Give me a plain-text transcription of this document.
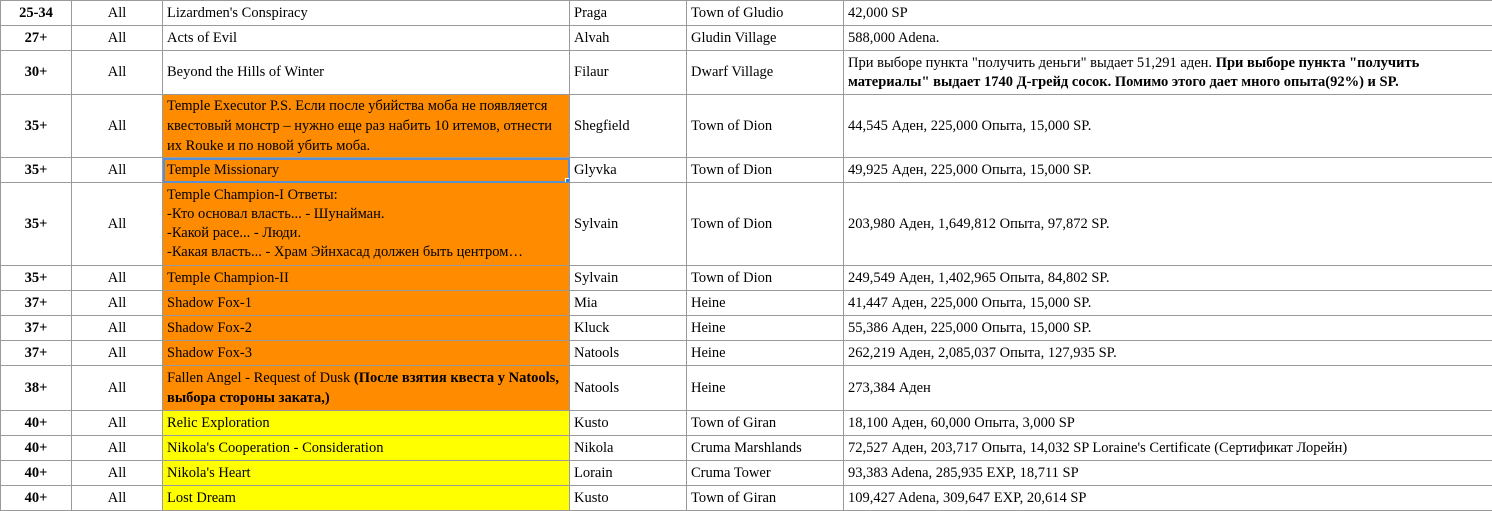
25-34	All	Lizardmen's Conspiracy	Praga	Town of Gludio	42,000 SP
27+	All	Acts of Evil	Alvah	Gludin Village	588,000 Adena.
30+	All	Beyond the Hills of Winter	Filaur	Dwarf Village	При выборе пункта "получить деньги" выдает 51,291 аден. При выборе пункта "получить материалы" выдает 1740 Д-грейд сосок. Помимо этого дает много опыта(92%) и SP.
35+	All	Temple Executor P.S. Если после убийства моба не появляется квестовый монстр – нужно еще раз набить 10 итемов, отнести их Rouke и по новой убить моба.	Shegfield	Town of Dion	44,545 Аден, 225,000 Опыта, 15,000 SP.
35+	All	Temple Missionary	Glyvka	Town of Dion	49,925 Аден, 225,000 Опыта, 15,000 SP.
35+	All	Temple Champion-I Ответы:
-Кто основал власть... - Шунайман.
-Какой расе... - Люди.
-Какая власть... - Храм Эйнхасад должен быть центром…	Sylvain	Town of Dion	203,980 Аден, 1,649,812 Опыта, 97,872 SP.
35+	All	Temple Champion-II	Sylvain	Town of Dion	249,549 Аден, 1,402,965 Опыта, 84,802 SP.
37+	All	Shadow Fox-1	Mia	Heine	41,447 Аден, 225,000 Опыта, 15,000 SP.
37+	All	Shadow Fox-2	Kluck	Heine	55,386 Аден, 225,000 Опыта, 15,000 SP.
37+	All	Shadow Fox-3	Natools	Heine	262,219 Аден, 2,085,037 Опыта, 127,935 SP.
38+	All	Fallen Angel - Request of Dusk (После взятия квеста у Natools, выбора стороны заката,)	Natools	Heine	273,384 Аден
40+	All	Relic Exploration	Kusto	Town of Giran	18,100 Аден, 60,000 Опыта, 3,000 SP
40+	All	Nikola's Cooperation - Consideration	Nikola	Cruma Marshlands	72,527 Аден, 203,717 Опыта, 14,032 SP Loraine's Certificate (Сертификат Лорейн)
40+	All	Nikola's Heart	Lorain	Cruma Tower	93,383 Adena, 285,935 EXP, 18,711 SP
40+	All	Lost Dream	Kusto	Town of Giran	109,427 Adena, 309,647 EXP, 20,614 SP
